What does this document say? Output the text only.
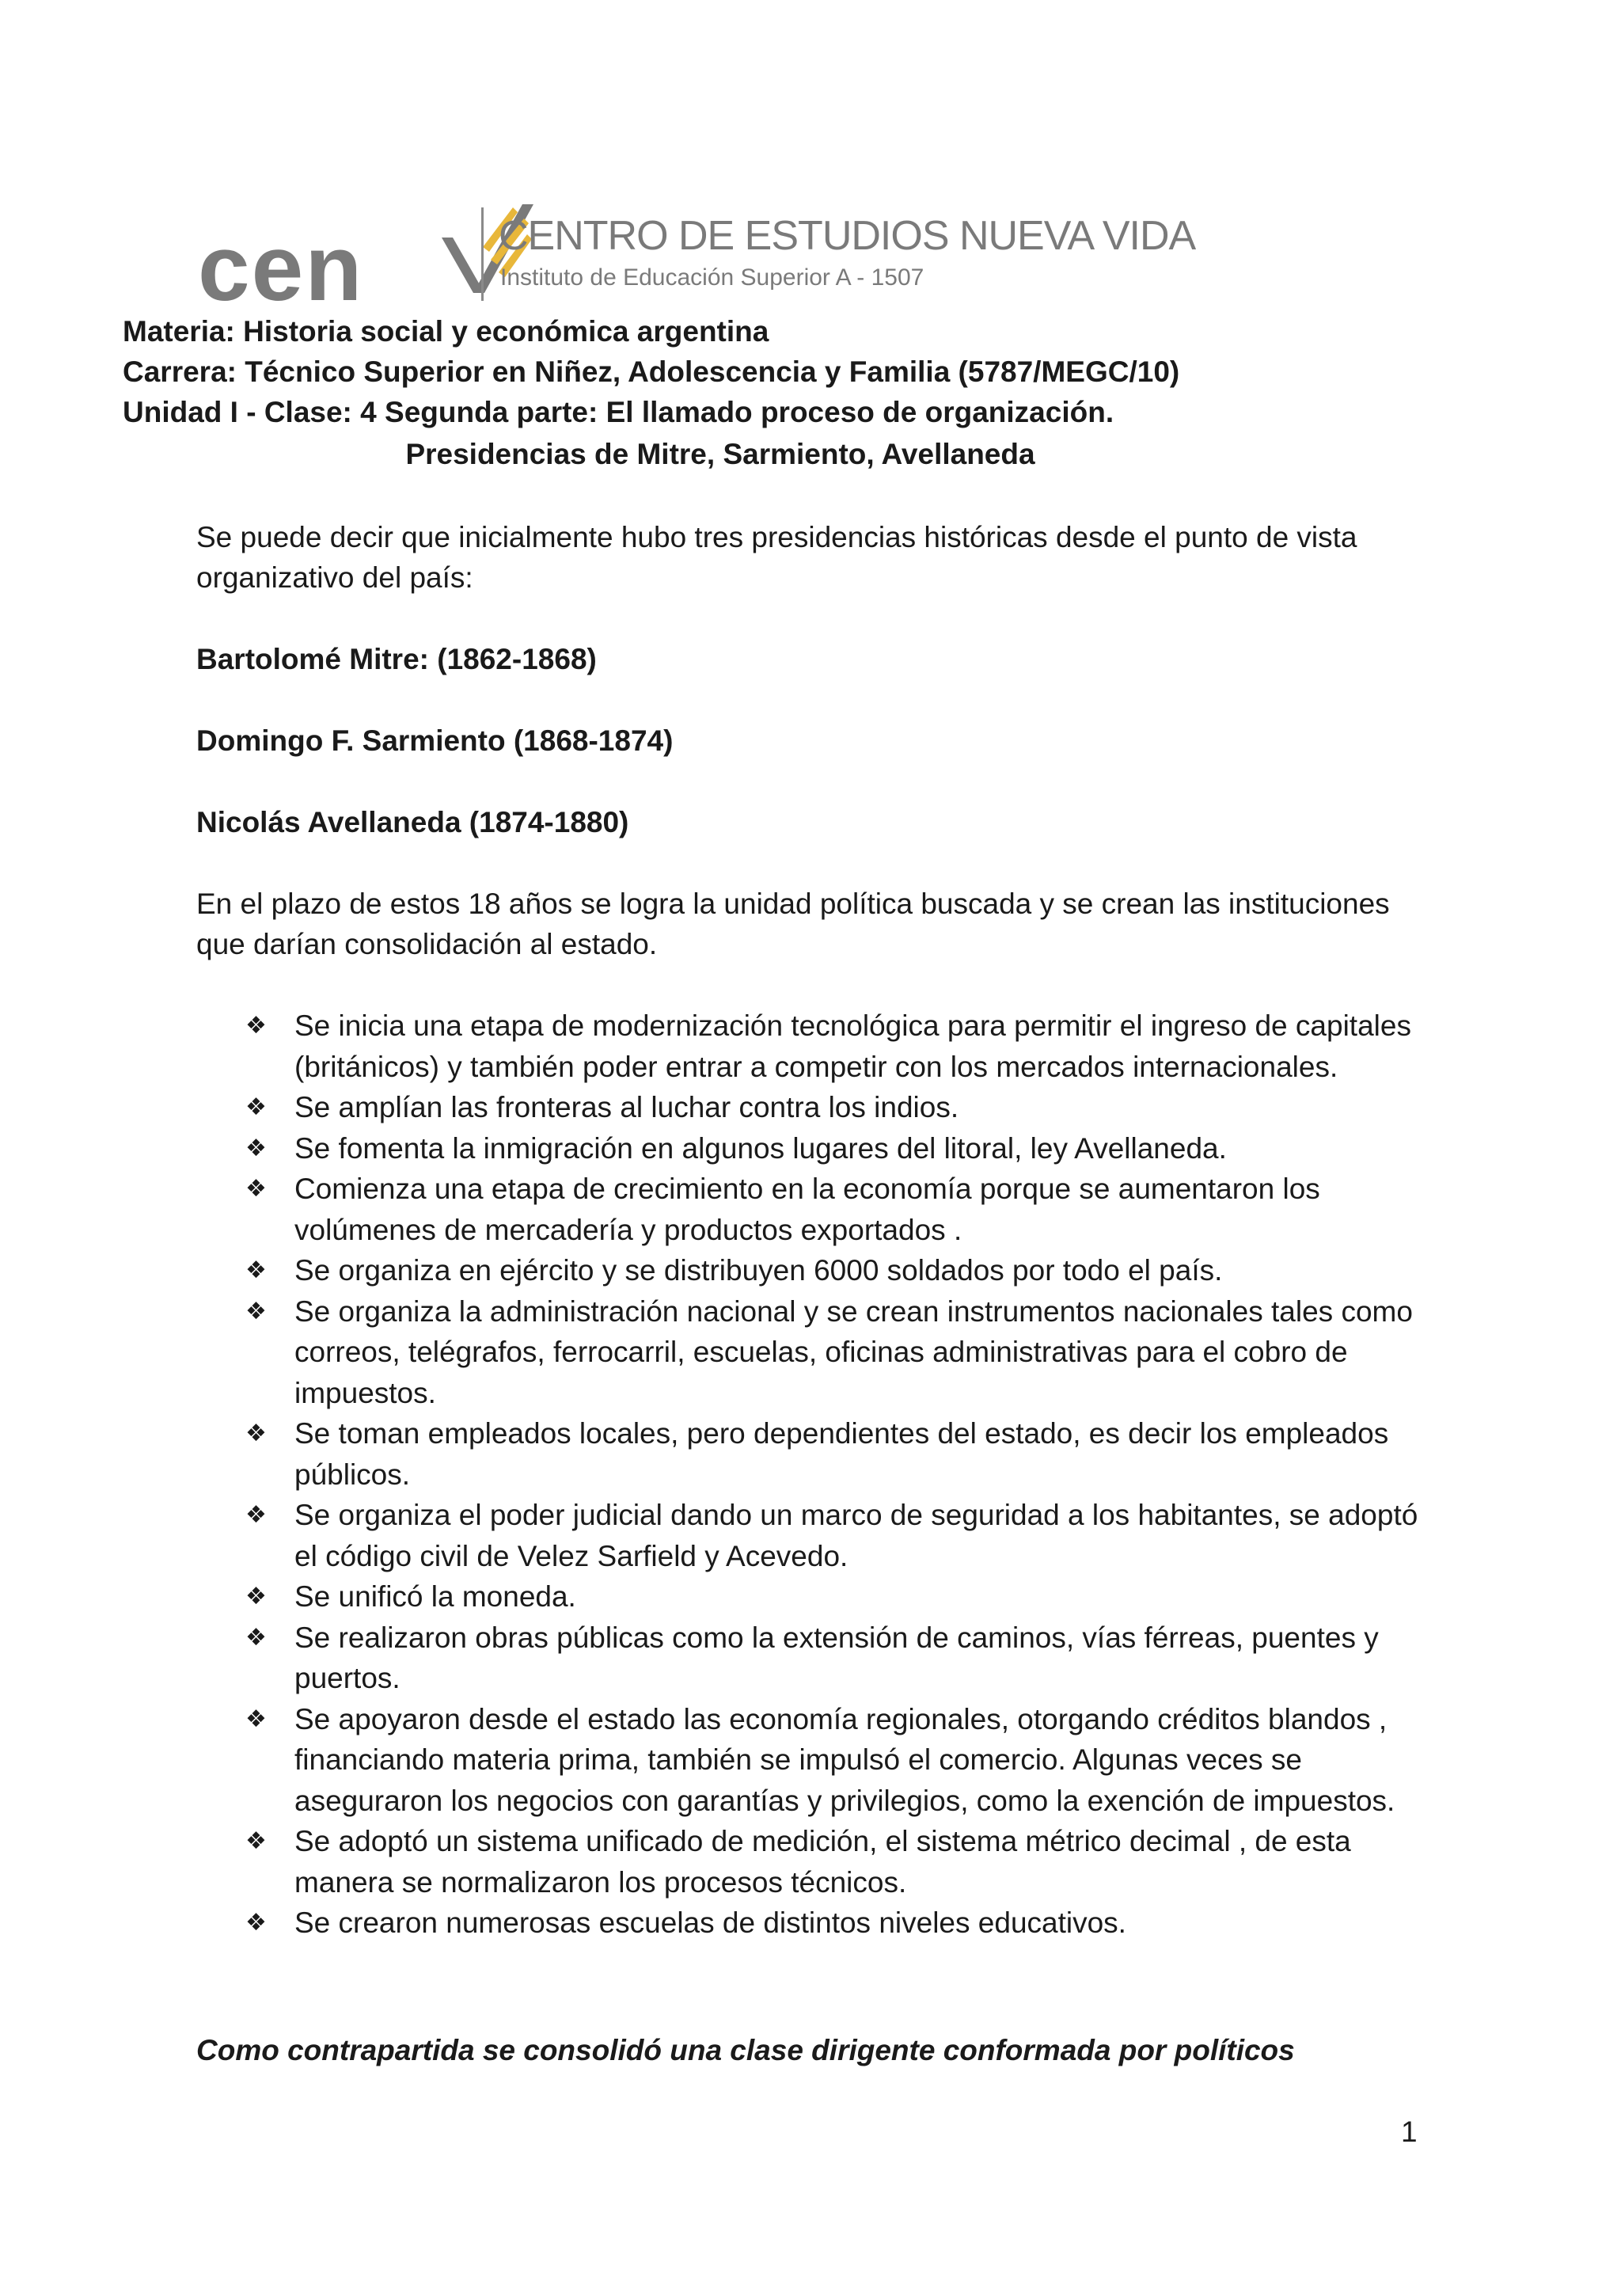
cen	CENTRO DE ESTUDIOS NUEVA VIDA
Instituto de Educación Superior A - 1507
Materia: Historia social y económica argentina
Carrera: Técnico Superior en Niñez, Adolescencia y Familia (5787/MEGC/10)
Unidad I - Clase: 4 Segunda parte: El llamado proceso de organización.
Presidencias de Mitre, Sarmiento, Avellaneda
Se puede decir que inicialmente hubo tres presidencias históricas desde el punto de vista organizativo del país:
Bartolomé Mitre: (1862-1868)
Domingo F. Sarmiento (1868-1874)
Nicolás Avellaneda (1874-1880)
En el plazo de estos 18 años se logra la unidad política buscada y se crean las instituciones que darían consolidación al estado.
❖ Se inicia una etapa de modernización tecnológica para permitir el ingreso de capitales (británicos) y también poder entrar a competir con los mercados internacionales.
❖ Se amplían las fronteras al luchar contra los indios.
❖ Se fomenta la inmigración en algunos lugares del litoral, ley Avellaneda.
❖ Comienza una etapa de crecimiento en la economía porque se aumentaron los volúmenes de mercadería y productos exportados .
❖ Se organiza en ejército y se distribuyen 6000 soldados por todo el país.
❖ Se organiza la administración nacional y se crean instrumentos nacionales tales como correos, telégrafos, ferrocarril, escuelas, oficinas administrativas para el cobro de impuestos.
❖ Se toman empleados locales, pero dependientes del estado, es decir los empleados públicos.
❖ Se organiza el poder judicial dando un marco de seguridad a los habitantes, se adoptó el código civil de Velez Sarfield y Acevedo.
❖ Se unificó la moneda.
❖ Se realizaron obras públicas como la extensión de caminos, vías férreas, puentes y puertos.
❖ Se apoyaron desde el estado las economía regionales, otorgando créditos blandos , financiando materia prima, también se impulsó el comercio. Algunas veces se aseguraron los negocios con garantías y privilegios, como la exención de impuestos.
❖ Se adoptó un sistema unificado de medición, el sistema métrico decimal , de esta manera se normalizaron los procesos técnicos.
❖ Se crearon numerosas escuelas de distintos niveles educativos.
Como contrapartida se consolidó una clase dirigente conformada por políticos
1
